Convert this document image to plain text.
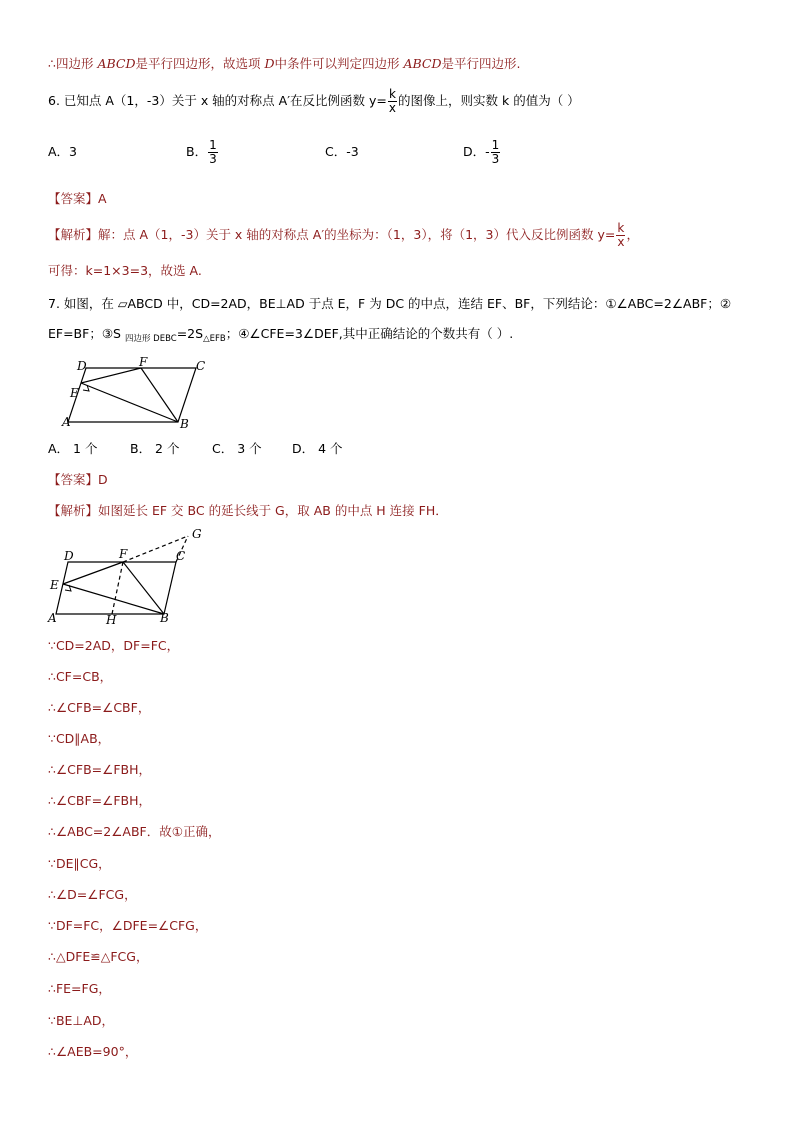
∴四边形 ABCD是平行四边形，故选项 D中条件可以判定四边形 ABCD是平行四边形.
6. 已知点 A（1，-3）关于 x 轴的对称点 A′在反比例函数 $y= \frac{k}{x}$ 的图像上，则实数 k 的值为（ ）
A．3	B． $\frac{1}{3}$	C．-3	D．- $\frac{1}{3}$
【答案】A
【解析】解：点 A（1，-3）关于 x 轴的对称点 A′的坐标为：（1，3），将（1，3）代入反比例函数 $y= \frac{k}{x}$ ，
可得：k=1×3=3，故选 A.
7. 如图，在 ▱ABCD 中，CD=2AD，BE⊥AD 于点 E，F 为 DC 的中点，连结 EF、BF，下列结论：①∠ABC=2∠ABF；②
EF=BF；③S $_{四边形 DEBC}=2S_{\triangle EFB}$；④∠CFE=3∠DEF,其中正确结论的个数共有（ ）.
D	F	C
E
A	B
A． 1 个	B． 2 个	C． 3 个 D． 4 个
【答案】D
【解析】如图延长 EF 交 BC 的延长线于 G，取 AB 的中点 H 连接 FH．
G
D	F	C
E
A	H	B
∵CD=2AD，DF=FC，
∴CF=CB，
∴∠CFB=∠CBF，
∵CD∥AB，
∴∠CFB=∠FBH，
∴∠CBF=∠FBH，
∴∠ABC=2∠ABF．故①正确，
∵DE∥CG，
∴∠D=∠FCG，
∵DF=FC，∠DFE=∠CFG，
∴△DFE≌△FCG，
∴FE=FG，
∵BE⊥AD，
∴∠AEB=90°，
